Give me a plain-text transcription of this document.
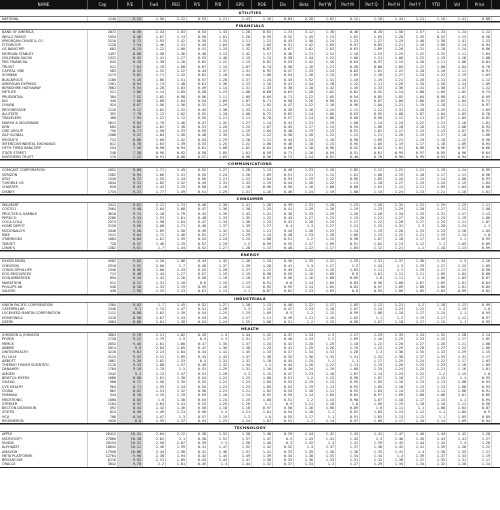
NAME	Cap	P/E	Fwd	PEG	P/S	P/B	EPS	ROE	Div	Beta	Perf W	Perf M	Perf Q	Perf H	Perf Y	YTD	Vol	Price
UTILITIES
NATIONAL	1240	9.24	1.56	1.12	0.53	1.21	1.43	1.18	0.84	2.28	1.02	0.12	1.18	1.44	1.21	1.16	1.41	0.88
FINANCIALS
BANK OF AMERICA	2872	8.56	2.34	1.83	0.54	1.43	1.28	0.63	1.74	3.12	1.36	0.46	0.28	1.56	1.57	1.33	1.24	1.12
WELLS FARGO	1954	8.48	1.67	1.14	0.56	1.81	1.26	0.95	0.32	1.45	1.13	1.62	1.03	1.28	1.35	0.52	1.13	0.58
JPMORGAN CHASE & CO	3216	8.72	1.93	1.42	0.59	1.15	1.11	1.22	0.43	1.58	1.24	1.23	1.27	1.19	1.48	1.38	1.41	1.23
CITIGROUP	1128	7.94	1.46	1.31	0.45	1.04	1.38	1.05	0.51	1.42	1.05	0.97	0.83	1.21	1.16	1.06	1.14	0.94
US BANCORP	683	8.15	1.22	1.08	0.51	1.25	1.32	0.87	0.67	1.62	1.03	0.63	1.09	1.28	1.31	1.18	1.24	0.86
MORGAN STANLEY	1497	8.86	1.58	1.36	0.48	1.13	1.42	1.17	0.46	1.21	1.12	1.18	1.23	1.25	1.22	1.32	1.11	1.04
GOLDMAN SACHS	1322	8.42	1.41	1.27	0.53	1.46	1.15	1.12	0.38	1.34	1.22	1.06	1.21	1.06	1.22	1.19	1.18	1.08
PNC FINANCIAL	645	8.18	1.38	1.16	0.62	1.22	1.15	0.82	0.53	1.42	1.16	0.64	0.97	1.15	1.16	1.11	1.06	0.81
TRUIST	512	7.64	1.19	1.08	0.67	1.15	1.07	0.74	0.58	1.16	1.21	0.58	0.88	1.05	1.12	1.08	1.04	0.76
CAPITAL ONE	583	8.33	1.32	1.22	0.44	1.37	1.31	0.92	0.47	1.33	1.24	0.83	1.01	1.22	1.18	1.16	1.11	0.91
SCHWAB	1274	9.02	1.71	1.42	0.62	1.18	1.44	1.08	0.54	1.26	1.15	1.05	1.18	1.27	1.24	1.22	1.19	1.03
BLACKROCK	1186	9.16	1.86	1.51	0.57	1.28	1.37	1.24	0.43	1.52	1.31	1.16	1.19	1.21	1.26	1.31	1.14	1.12
AMERICAN EXPRESS	1361	8.94	1.74	1.48	0.61	1.36	1.23	1.16	0.41	1.34	1.18	1.22	1.11	1.28	1.33	1.26	1.24	1.09
BERKSHIRE HATHAWAY	7862	9.54	2.28	1.83	0.49	1.14	1.31	1.33	0.36	1.18	1.42	1.45	1.33	1.36	1.41	1.38	1.47	1.22
METLIFE	521	7.86	1.14	1.05	0.58	1.23	1.08	0.68	0.63	1.28	1.02	0.62	0.92	1.14	1.08	1.05	1.02	0.73
PRUDENTIAL	384	7.52	1.02	0.98	0.56	1.11	1.05	0.64	0.71	1.22	1.05	0.54	0.85	1.02	1.04	0.98	1.01	0.69
AIG	446	7.68	1.06	1.04	0.54	1.09	1.07	0.71	0.58	1.26	0.98	0.61	0.87	1.08	1.06	1.03	1.04	0.72
CHUBB	924	8.67	1.56	1.36	0.52	1.29	1.24	1.02	0.47	1.22	1.16	0.96	1.04	1.21	1.19	1.18	1.11	0.97
PROGRESSIVE	1116	9.12	1.82	1.52	0.45	1.38	1.33	1.21	0.39	1.16	1.25	1.11	1.22	1.31	1.28	1.29	1.21	1.05
ALLSTATE	392	7.78	1.13	1.02	0.52	1.18	1.06	0.72	0.62	1.14	1.06	0.63	0.92	1.08	1.07	1.04	1.03	0.78
TRAVELERS	468	7.94	1.22	1.12	0.55	1.21	1.11	0.78	0.57	1.24	1.06	0.68	0.96	1.12	1.11	1.07	1.05	0.82
MARSH & MCLENNAN	1012	9.04	1.76	1.46	0.47	1.32	1.27	1.14	0.41	1.21	1.19	1.08	1.14	1.24	1.22	1.21	1.16	1.01
AON	684	8.82	1.62	1.38	0.51	1.26	1.25	1.07	0.45	1.17	1.14	0.94	1.06	1.18	1.16	1.15	1.08	0.93
CME GROUP	756	8.71	1.58	1.33	0.59	1.24	1.19	1.04	0.48	1.19	1.13	0.91	1.02	1.17	1.15	1.13	1.07	0.92
S&P GLOBAL	1388	9.22	1.84	1.56	0.48	1.35	1.32	1.22	0.38	1.28	1.22	1.12	1.21	1.26	1.25	1.27	1.18	1.06
MOODY'S	724	8.86	1.68	1.42	0.54	1.29	1.26	1.11	0.44	1.24	1.16	0.98	1.09	1.21	1.19	1.18	1.12	0.96
INTERCONTINENTAL EXCHANGE	812	8.78	1.63	1.39	0.53	1.25	1.22	1.06	0.46	1.18	1.15	0.95	1.05	1.19	1.17	1.16	1.09	0.94
FIFTH THIRD BANCORP	254	7.46	0.98	0.94	0.61	1.08	1.02	0.62	0.68	1.18	0.96	0.52	0.82	1.01	0.98	0.96	0.97	0.66
STATE STREET	248	7.38	0.96	0.92	0.58	1.05	1.01	0.59	0.71	1.16	0.94	0.51	0.81	0.99	0.97	0.95	0.96	0.64
NORTHERN TRUST	176	7.22	0.91	0.88	0.57	1.03	0.98	0.56	0.73	1.14	0.92	0.48	0.78	0.96	0.95	0.93	0.94	0.61
COMMUNICATIONS
COMCAST CORPORATION	1652	9.08	1.71	1.45	0.52	1.27	1.28	1.13	0.48	1.23	1.18	1.05	1.12	1.22	1.21	1.19	1.14	0.99
VERIZON	1582	8.94	1.66	1.41	0.55	1.24	1.26	1.09	0.51	1.21	1.15	1.01	1.08	1.19	1.18	1.17	1.11	0.96
AT&T	1326	8.72	1.55	1.34	0.56	1.21	1.22	1.04	0.53	1.19	1.12	0.96	1.05	1.16	1.15	1.14	1.08	0.93
T-MOBILE US	1844	9.31	1.82	1.52	0.49	1.31	1.33	1.19	0.44	1.26	1.22	1.11	1.18	1.27	1.25	1.24	1.19	1.04
CHARTER	628	8.45	1.42	1.25	0.58	1.18	1.18	0.96	0.56	1.16	1.08	0.88	1.01	1.12	1.11	1.09	1.04	0.88
DISNEY	1734	9.21	1.77	1.49	0.51	1.29	1.31	1.16	0.46	1.24	1.19	1.08	1.15	1.24	1.23	1.21	1.16	1.01
CONSUMER
WALMART	3412	9.62	2.12	1.74	0.46	1.38	1.41	1.28	0.39	1.31	1.28	1.23	1.26	1.32	1.31	1.29	1.25	1.11
COSTCO	2964	9.48	2.04	1.68	0.47	1.36	1.38	1.25	0.41	1.29	1.26	1.19	1.23	1.29	1.28	1.27	1.22	1.08
PROCTER & GAMBLE	3618	9.74	2.18	1.79	0.45	1.39	1.43	1.31	0.38	1.33	1.29	1.26	1.28	1.34	1.33	1.31	1.27	1.13
PEPSICO	2286	9.34	1.93	1.61	0.48	1.33	1.35	1.22	0.43	1.27	1.23	1.15	1.21	1.27	1.26	1.24	1.19	1.06
COCA-COLA	2574	9.41	1.98	1.64	0.47	1.34	1.36	1.23	0.42	1.28	1.24	1.17	1.22	1.28	1.27	1.25	1.21	1.07
HOME DEPOT	3128	9.56	2.08	1.71	0.46	1.37	1.39	1.27	0.4	1.3	1.27	1.21	1.25	1.31	1.3	1.28	1.24	1.1
MCDONALD'S	2046	9.28	1.89	1.58	0.49	1.32	1.34	1.21	0.44	1.26	1.22	1.14	1.19	1.26	1.25	1.23	1.18	1.05
NIKE	1512	9.04	1.72	1.46	0.52	1.27	1.29	1.14	0.48	1.23	1.18	1.06	1.13	1.22	1.21	1.19	1.14	1.0
STARBUCKS	1064	8.84	1.61	1.39	0.54	1.24	1.25	1.08	0.51	1.2	1.15	0.98	1.07	1.18	1.17	1.15	1.1	0.95
TARGET	728	8.52	1.46	1.29	0.57	1.19	1.2	0.99	0.55	1.17	1.09	0.91	1.02	1.13	1.12	1.1	1.05	0.89
LOWE'S	1382	9.01	1.7	1.44	0.52	1.27	1.28	1.13	0.48	1.22	1.17	1.05	1.12	1.21	1.2	1.18	1.13	0.99
ENERGY
EXXON MOBIL	4562	9.84	2.26	1.86	0.44	1.42	1.46	1.34	0.36	1.35	1.32	1.29	1.31	1.37	1.36	1.34	1.3	1.16
CHEVRON	2918	9.52	2.06	1.7	0.46	1.37	1.39	1.26	0.41	1.3	1.27	1.2	1.24	1.3	1.29	1.27	1.23	1.09
CONOCOPHILLIPS	1346	8.96	1.68	1.43	0.53	1.26	1.27	1.12	0.49	1.22	1.16	1.03	1.11	1.2	1.19	1.17	1.12	0.98
EOG RESOURCES	712	8.48	1.44	1.27	0.57	1.19	1.19	0.98	0.55	1.16	1.09	0.9	1.01	1.12	1.11	1.09	1.04	0.88
SCHLUMBERGER	694	8.44	1.42	1.26	0.58	1.18	1.18	0.97	0.56	1.16	1.08	0.89	1.0	1.11	1.1	1.08	1.03	0.87
MARATHON	512	8.12	1.31	1.18	0.6	1.15	1.13	0.91	0.6	1.14	1.05	0.83	0.96	1.08	1.07	1.05	1.01	0.84
PHILLIPS 66	546	8.18	1.33	1.19	0.59	1.16	1.14	0.92	0.59	1.14	1.05	0.84	0.97	1.09	1.08	1.06	1.01	0.85
VALERO	438	7.96	1.25	1.13	0.61	1.13	1.1	0.87	0.62	1.13	1.03	0.8	0.94	1.06	1.05	1.03	0.99	0.82
INDUSTRIALS
UNION PACIFIC CORPORATION	1384	9.02	1.7	1.45	0.52	1.27	1.28	1.13	0.48	1.22	1.17	1.05	1.12	1.21	1.2	1.18	1.13	0.99
CATERPILLAR	1546	9.1	1.74	1.47	0.51	1.28	1.3	1.15	0.47	1.23	1.18	1.07	1.14	1.23	1.22	1.2	1.15	1.0
LOCKHEED MARTIN CORPORATION	1112	8.88	1.62	1.39	0.54	1.25	1.25	1.09	0.5	1.2	1.15	0.99	1.08	1.18	1.17	1.15	1.1	0.95
HONEYWELL	1318	8.98	1.67	1.43	0.53	1.26	1.27	1.11	0.49	1.21	1.16	1.02	1.1	1.2	1.19	1.17	1.12	0.97
DEERE	1084	8.86	1.61	1.38	0.54	1.24	1.25	1.08	0.51	1.2	1.15	0.98	1.07	1.18	1.17	1.15	1.1	0.95
HEALTH
JOHNSON & JOHNSON	3864	9.78	2.21	1.82	0.45	1.4	1.44	1.32	0.37	1.34	1.3	1.27	1.29	1.35	1.34	1.32	1.28	1.14
PFIZER	1728	9.22	1.79	1.5	0.5	1.3	1.31	1.17	0.46	1.24	1.2	1.09	1.16	1.25	1.23	1.22	1.17	1.02
MERCK	2652	9.46	2.01	1.66	0.47	1.35	1.37	1.24	0.42	1.28	1.25	1.18	1.22	1.28	1.27	1.26	1.21	1.08
ABBVIE	2814	9.5	2.04	1.69	0.47	1.36	1.38	1.25	0.41	1.29	1.26	1.19	1.23	1.29	1.28	1.27	1.22	1.08
UNITEDHEALTH	4218	9.81	2.24	1.84	0.44	1.41	1.45	1.33	0.37	1.34	1.31	1.28	1.3	1.36	1.35	1.33	1.29	1.15
ELI LILLY	5124	9.92	2.31	1.89	0.43	1.43	1.47	1.36	0.35	1.36	1.33	1.31	1.32	1.38	1.37	1.35	1.31	1.17
ABBOTT	1862	9.26	1.82	1.53	0.5	1.31	1.32	1.18	0.45	1.25	1.2	1.1	1.17	1.25	1.24	1.22	1.17	1.03
THERMO FISHER SCIENTIFIC	2116	9.33	1.88	1.57	0.49	1.32	1.34	1.2	0.44	1.26	1.22	1.13	1.19	1.26	1.25	1.23	1.18	1.05
DANAHER	1764	9.18	1.78	1.5	0.51	1.29	1.31	1.16	0.46	1.24	1.19	1.08	1.15	1.24	1.23	1.21	1.16	1.01
AMGEN	1542	9.1	1.74	1.47	0.51	1.28	1.3	1.15	0.47	1.23	1.18	1.07	1.14	1.23	1.22	1.2	1.15	1.0
BRISTOL-MYERS	1086	8.86	1.61	1.38	0.54	1.24	1.25	1.08	0.51	1.2	1.15	0.98	1.07	1.18	1.17	1.15	1.1	0.95
GILEAD	968	8.72	1.56	1.35	0.55	1.22	1.23	1.05	0.52	1.19	1.13	0.95	1.05	1.16	1.15	1.13	1.08	0.93
CVS HEALTH	964	8.71	1.55	1.34	0.55	1.22	1.23	1.05	0.52	1.19	1.13	0.95	1.05	1.16	1.15	1.13	1.08	0.93
CIGNA	862	8.62	1.51	1.32	0.56	1.21	1.21	1.02	0.54	1.18	1.11	0.93	1.03	1.14	1.13	1.11	1.06	0.91
HUMANA	544	8.18	1.33	1.19	0.59	1.16	1.14	0.92	0.59	1.14	1.05	0.84	0.97	1.09	1.08	1.06	1.01	0.85
MEDTRONIC	1068	8.84	1.6	1.38	0.54	1.24	1.25	1.08	0.51	1.2	1.15	0.98	1.07	1.18	1.17	1.15	1.1	0.95
STRYKER	1184	8.92	1.64	1.41	0.53	1.25	1.26	1.1	0.5	1.21	1.16	1.0	1.09	1.19	1.18	1.16	1.11	0.96
BECTON DICKINSON	692	8.44	1.42	1.26	0.58	1.18	1.18	0.97	0.56	1.16	1.08	0.89	1.0	1.11	1.1	1.08	1.03	0.87
ZOETIS	824	8.58	1.49	1.31	0.56	1.2	1.21	1.01	0.54	1.18	1.1	0.92	1.03	1.13	1.12	1.1	1.05	0.9
HCA	786	8.54	1.47	1.3	0.57	1.19	1.2	1.0	0.55	1.17	1.1	0.91	1.02	1.13	1.12	1.1	1.05	0.89
REGENERON	1026	8.8	1.59	1.37	0.54	1.23	1.24	1.07	0.51	1.2	1.14	0.97	1.06	1.17	1.16	1.14	1.09	0.94
TECHNOLOGY
APPLE	28412	10.42	2.64	2.12	0.38	1.52	1.58	1.48	0.29	1.44	1.42	1.43	1.41	1.47	1.46	1.44	1.42	1.28
MICROSOFT	27866	10.38	2.62	2.1	0.38	1.51	1.57	1.47	0.3	1.43	1.41	1.42	1.4	1.46	1.45	1.43	1.41	1.27
NVIDIA	26154	10.31	2.58	2.07	0.39	1.5	1.56	1.46	0.3	1.42	1.4	1.41	1.39	1.45	1.44	1.42	1.4	1.26
ALPHABET	18642	10.12	2.46	1.99	0.41	1.47	1.52	1.42	0.32	1.4	1.37	1.37	1.36	1.42	1.41	1.39	1.36	1.22
AMAZON	17958	10.08	2.44	1.98	0.41	1.46	1.51	1.41	0.33	1.39	1.36	1.36	1.35	1.41	1.4	1.38	1.35	1.21
META PLATFORMS	12764	9.98	2.38	1.94	0.42	1.45	1.49	1.39	0.34	1.38	1.35	1.34	1.34	1.4	1.39	1.37	1.33	1.19
BROADCOM	6216	9.92	2.31	1.89	0.43	1.43	1.47	1.36	0.35	1.36	1.33	1.31	1.32	1.38	1.37	1.35	1.31	1.17
ORACLE	3842	9.76	2.2	1.81	0.45	1.4	1.44	1.32	0.37	1.33	1.3	1.27	1.29	1.35	1.34	1.32	1.28	1.14
